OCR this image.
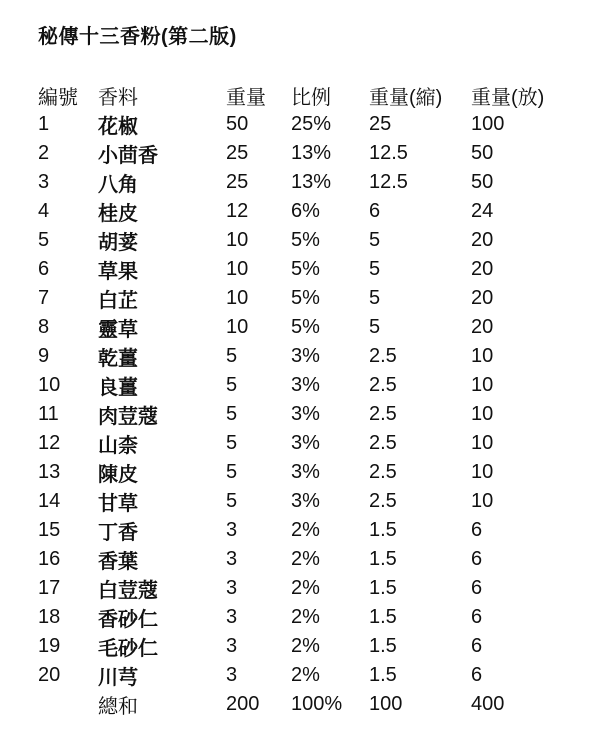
秘傳十三香粉(第二版)
編號	香料	重量	比例	重量(縮)	重量(放)
1	花椒	50	25%	25	100
2	小茴香	25	13%	12.5	50
3	八角	25	13%	12.5	50
4	桂皮	12	6%	6	24
5	胡荽	10	5%	5	20
6	草果	10	5%	5	20
7	白芷	10	5%	5	20
8	靈草	10	5%	5	20
9	乾薑	5	3%	2.5	10
10	良薑	5	3%	2.5	10
11	肉荳蔻	5	3%	2.5	10
12	山柰	5	3%	2.5	10
13	陳皮	5	3%	2.5	10
14	甘草	5	3%	2.5	10
15	丁香	3	2%	1.5	6
16	香葉	3	2%	1.5	6
17	白荳蔻	3	2%	1.5	6
18	香砂仁	3	2%	1.5	6
19	毛砂仁	3	2%	1.5	6
20	川芎	3	2%	1.5	6
	總和	200	100%	100	400
